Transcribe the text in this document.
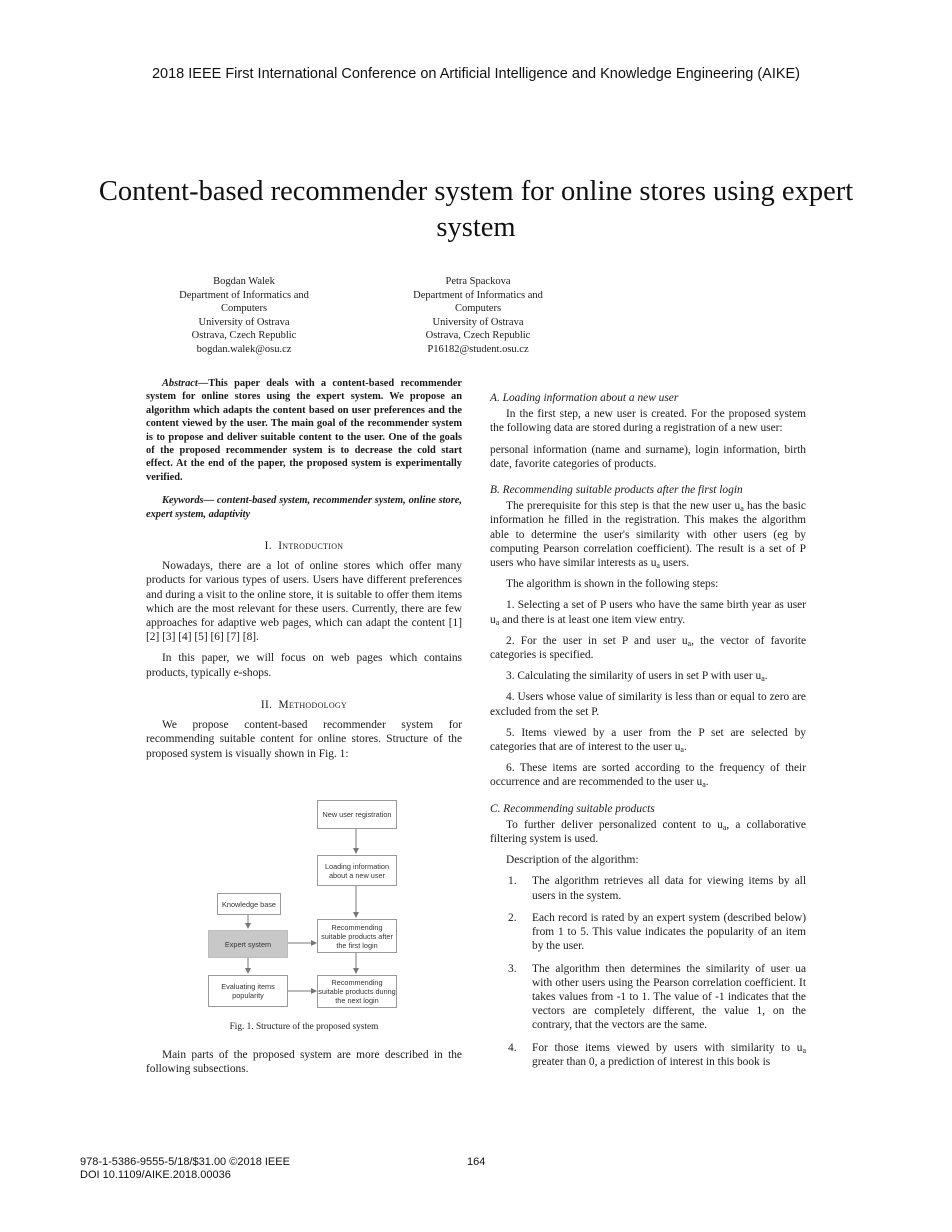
2018 IEEE First International Conference on Artificial Intelligence and Knowledge Engineering (AIKE)
Content-based recommender system for online stores using expert system
Bogdan Walek
Department of Informatics and
Computers
University of Ostrava
Ostrava, Czech Republic
bogdan.walek@osu.cz
Petra Spackova
Department of Informatics and
Computers
University of Ostrava
Ostrava, Czech Republic
P16182@student.osu.cz

Abstract—This paper deals with a content-based recommender system for online stores using the expert system. We propose an algorithm which adapts the content based on user preferences and the content viewed by the user. The main goal of the recommender system is to propose and deliver suitable content to the user. One of the goals of the proposed recommender system is to decrease the cold start effect. At the end of the paper, the proposed system is experimentally verified.

Keywords— content-based system, recommender system, online store, expert system, adaptivity

I. Introduction

Nowadays, there are a lot of online stores which offer many products for various types of users. Users have different preferences and during a visit to the online store, it is suitable to offer them items which are the most relevant for these users. Currently, there are few approaches for adaptive web pages, which can adapt the content [1] [2] [3] [4] [5] [6] [7] [8].

In this paper, we will focus on web pages which contains products, typically e-shops.

II. Methodology

We propose content-based recommender system for recommending suitable content for online stores. Structure of the proposed system is visually shown in Fig. 1:

New user registration
Loading information about a new user
Knowledge base
Expert system
Recommending suitable products after the first login
Evaluating items popularity
Recommending suitable products during the next login
Fig. 1. Structure of the proposed system

Main parts of the proposed system are more described in the following subsections.

A. Loading information about a new user

In the first step, a new user is created. For the proposed system the following data are stored during a registration of a new user:

personal information (name and surname), login information, birth date, favorite categories of products.

B. Recommending suitable products after the first login

The prerequisite for this step is that the new user $u_a$ has the basic information he filled in the registration. This makes the algorithm able to determine the user's similarity with other users (eg by computing Pearson correlation coefficient). The result is a set of P users who have similar interests as $u_a$ users.

The algorithm is shown in the following steps:

1. Selecting a set of P users who have the same birth year as user $u_a$ and there is at least one item view entry.

2. For the user in set P and user $u_a$, the vector of favorite categories is specified.

3. Calculating the similarity of users in set P with user $u_a$.

4. Users whose value of similarity is less than or equal to zero are excluded from the set P.

5. Items viewed by a user from the P set are selected by categories that are of interest to the user $u_a$.

6. These items are sorted according to the frequency of their occurrence and are recommended to the user $u_a$.

C. Recommending suitable products

To further deliver personalized content to $u_a$, a collaborative filtering system is used.

Description of the algorithm:

1. The algorithm retrieves all data for viewing items by all users in the system.
2. Each record is rated by an expert system (described below) from 1 to 5. This value indicates the popularity of an item by the user.
3. The algorithm then determines the similarity of user ua with other users using the Pearson correlation coefficient. It takes values from -1 to 1. The value of -1 indicates that the vectors are completely different, the value 1, on the contrary, that the vectors are the same.
4. For those items viewed by users with similarity to $u_a$ greater than 0, a prediction of interest in this book is
978-1-5386-9555-5/18/$31.00 ©2018 IEEE
DOI 10.1109/AIKE.2018.00036
164
